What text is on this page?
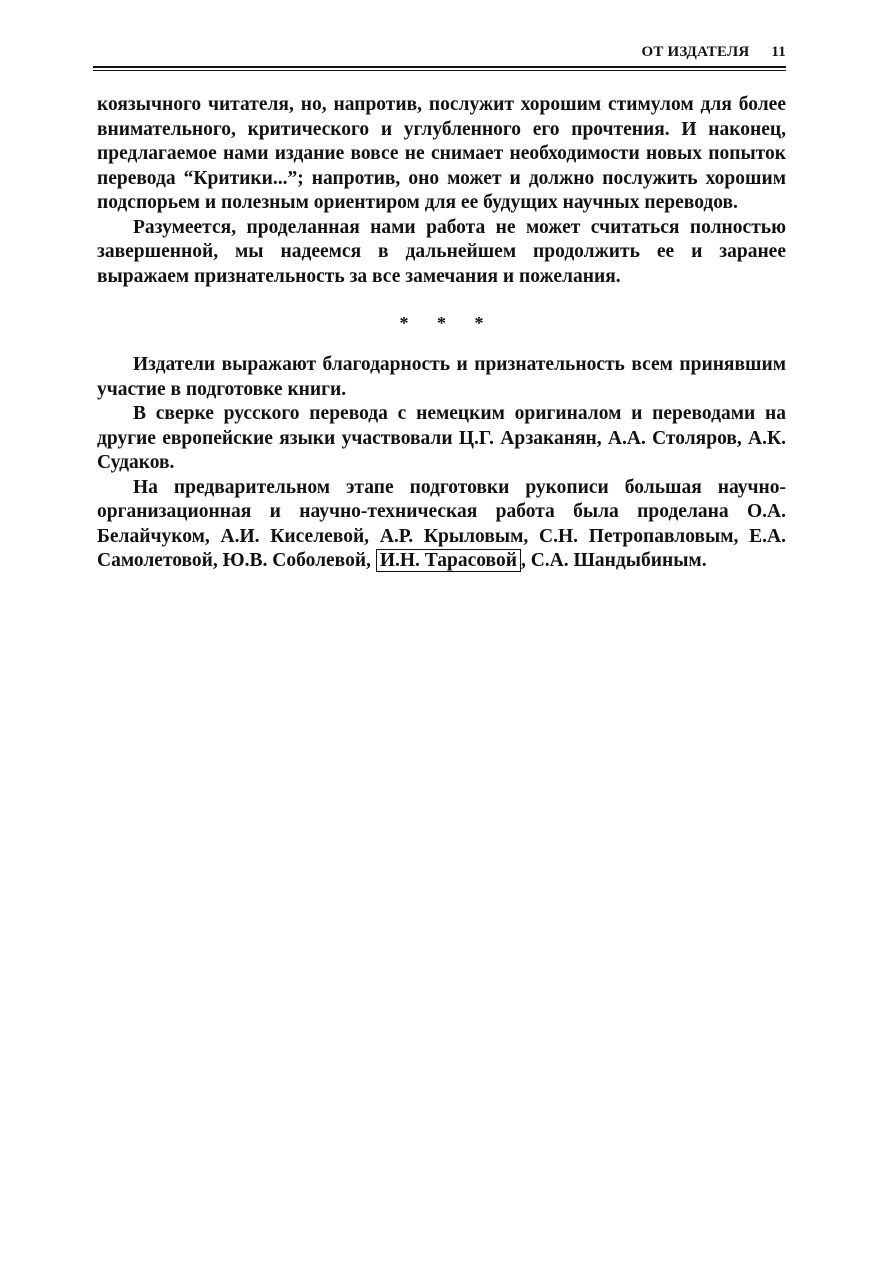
ОТ ИЗДАТЕЛЯ 11

коязычного читателя, но, напротив, послужит хорошим стимулом для более внимательного, критического и углубленного его прочтения. И наконец, предлагаемое нами издание вовсе не снимает необходимости новых попыток перевода “Критики...”; напротив, оно может и должно послужить хорошим подспорьем и полезным ориентиром для ее будущих научных переводов.

Разумеется, проделанная нами работа не может считаться полностью завершенной, мы надеемся в дальнейшем продолжить ее и заранее выражаем признательность за все замечания и пожелания.

* * *

Издатели выражают благодарность и признательность всем принявшим участие в подготовке книги.

В сверке русского перевода с немецким оригиналом и переводами на другие европейские языки участвовали Ц.Г. Арзаканян, А.А. Столяров, А.К. Судаков.

На предварительном этапе подготовки рукописи большая научно-организационная и научно-техническая работа была проделана О.А. Белайчуком, А.И. Киселевой, А.Р. Крыловым, С.Н. Петропавловым, Е.А. Самолетовой, Ю.В. Соболевой, И.Н. Тарасовой , С.А. Шандыбиным.
